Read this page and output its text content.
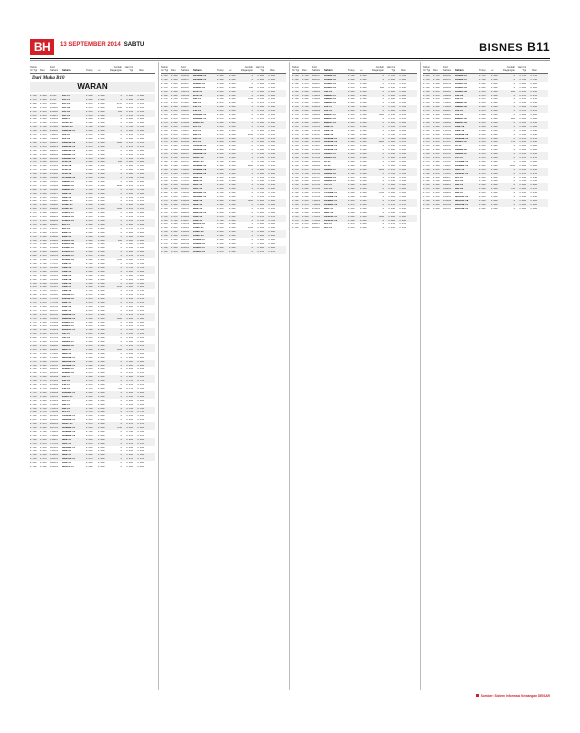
BH	13 SEPTEMBER 2014 SABTU	BISNES B11
Tahun Ini Tgi	Ren
Kod Saham	Saham	Tutup	+/-
Jumlah Dagangan
Hari Ini Tgi	Ren
Dari Muka B10
WARAN
0.160	0.055	0216C	AAX-C1	0.055	0.005	0	0.055	0.050
0.115	0.055	0216L	AAX-C3	0.055	0.000	0	0.050	0.050
0.300	0.015	0208C	AAX-CA	0.020	0.005	6731	0.020	0.015
0.150	0.025	0138CN	AAX-CB	0.025	0.000	2400	0.025	0.020
0.415	0.040	0138CH	AAX-CH	0.040	0.000	600	0.045	0.040
0.020	0.015	0138CJ	AAX-CI	0.015	0.000	0	0.015	0.015
0.200	0.095	5106CG	AEON-C	0.095	0.000	0	0.095	0.095
0.115	0.055	0216C6	AFFIN-C2	0.055	0.000	0	0.055	0.055
0.290	0.100	5210CD	AFFIN-C3	0.100	0.000	0	0.100	0.100
0.290	0.055	0185CR	AIRASIA-C1	0.055	0.000	0	0.055	0.055
0.115	0.010	2488CF	AFG-CF	0.010	0.000	0	0.010	0.010
0.150	0.055	2488CG	AFG-CG	0.055	0.000	0	0.055	0.055
0.150	0.075	5099C2	AIRASIA-C2	0.075	0.005	1800	0.075	0.070
0.110	0.075	5099C3	AIRASIA-C3	0.075	0.000	0	0.075	0.075
0.155	0.085	5099C4	AIRASIA-C4	0.085	0.000	0	0.085	0.085
0.265	0.010	5099CE	AIRPORT-C1	0.010	0.000	0	0.010	0.010
0.255	0.040	5014CE	AIRPORT-C2	0.040	0.000	0	0.040	0.040
0.120	0.090	5014CF	ALAM-CA	0.090	0.005	900	0.090	0.085
0.195	0.050	5115CA	ALAM-CB	0.050	0.000	0	0.050	0.050
0.125	0.055	5115CB	ALAM-CC	0.055	0.000	0	0.055	0.055
0.150	0.050	5115CD	ALAM-CD	0.050	0.000	0	0.050	0.050
0.200	0.030	1015CE	ALLIANZ-CA	0.030	0.000	0	0.030	0.030
0.290	0.050	1015CF	AMBANK-C1	0.050	0.000	0	0.050	0.050
0.425	0.075	1015CG	AMBANK-C2	0.075	0.005	3800	0.075	0.070
0.500	0.200	1015CH	AMBANK-C3	0.200	0.000	0	0.200	0.200
0.150	0.055	1015CJ	AMMB-C2	0.055	0.000	0	0.055	0.055
0.145	0.045	1015CK	AMMB-C3	0.045	0.000	0	0.045	0.045
0.065	0.015	1015CL	AMWAY-C1	0.015	0.000	0	0.015	0.015
0.130	0.050	4588CE	ASTRO-C1	0.050	0.000	0	0.050	0.050
0.335	0.020	6399CE	ASTRO-C2	0.020	0.005	1600	0.020	0.015
0.120	0.050	6399CF	AXIATA-C1	0.050	0.000	0	0.050	0.050
0.070	0.015	6888CA	AXIATA-C2	0.015	0.000	0	0.015	0.015
0.175	0.010	6888CB	AXIATA-C3	0.010	0.000	0	0.010	0.010
0.140	0.050	6888CC	BAT-C1	0.050	0.000	0	0.050	0.050
0.425	0.120	4162CC	BAT-C2	0.120	0.000	0	0.120	0.120
0.270	0.085	4162CD	BIMB-C1	0.085	0.000	0	0.085	0.085
0.235	0.090	5258CE	BIMB-C2	0.090	0.000	0	0.090	0.090
0.195	0.085	5258CF	BJAUTO-CA	0.085	0.005	500	0.085	0.080
0.220	0.095	5248CA	BJAUTO-CB	0.095	0.000	0	0.095	0.095
0.140	0.035	5248CB	BJCORP-C1	0.035	0.000	0	0.035	0.035
0.195	0.095	3395CD	BJTOTO-C1	0.095	0.000	0	0.095	0.095
0.060	0.010	1562CA	BSTEAD-C1	0.010	0.000	0	0.010	0.010
0.135	0.080	2771CB	BSTEAD-C2	0.080	0.005	2200	0.080	0.075
0.255	0.100	2771CC	CIMB-C1	0.100	0.000	0	0.100	0.100
0.245	0.145	1023CD	CIMB-C2	0.145	0.000	0	0.145	0.145
0.175	0.055	1023CE	CIMB-C3	0.055	0.000	0	0.055	0.055
0.150	0.050	1023CF	CIMB-C4	0.050	0.000	0	0.050	0.050
0.335	0.090	1023CG	CIMB-C5	0.090	0.000	0	0.090	0.090
0.165	0.060	1023CH	CIMB-C6	0.060	0.000	0	0.060	0.060
0.375	0.065	1023CI	CIMB-C7	0.065	0.005	3100	0.065	0.060
0.270	0.140	1023CJ	CIMB-C8	0.140	0.000	0	0.140	0.140
0.180	0.070	1023CK	DIALOG-C1	0.070	0.000	0	0.070	0.070
0.470	0.015	7277CA	DIALOG-C2	0.015	0.000	0	0.015	0.015
0.225	0.070	7277CB	DIGI-C1	0.070	0.000	0	0.070	0.070
0.155	0.095	6947CB	DIGI-C2	0.095	0.000	0	0.095	0.095
0.270	0.015	6947CC	DIGI-C3	0.015	0.000	0	0.015	0.015
0.285	0.075	6947CD	DRBHCOM-C1	0.075	0.000	0	0.075	0.075
0.270	0.060	1619CA	DRBHCOM-C2	0.060	0.005	4000	0.060	0.055
0.125	0.050	1619CB	DSONIC-C1	0.050	0.000	0	0.050	0.050
0.135	0.020	5216CA	ECOWLD-C1	0.020	0.000	0	0.020	0.020
0.165	0.100	8206CA	EKOVEST-C1	0.100	0.000	0	0.100	0.100
0.140	0.040	8877CA	FGV-C1	0.040	0.000	0	0.040	0.040
0.095	0.015	5222CA	FGV-C2	0.015	0.000	0	0.015	0.015
0.225	0.055	5222CB	GAMUDA-C1	0.055	0.000	0	0.055	0.055
0.365	0.075	5398CD	GAMUDA-C2	0.075	0.000	0	0.075	0.075
0.320	0.080	5398CE	GENM-C1	0.080	0.005	1000	0.080	0.075
0.140	0.035	4715CE	GENM-C2	0.035	0.000	0	0.035	0.035
0.265	0.060	4715CF	GENTING-C1	0.060	0.000	0	0.060	0.060
0.170	0.055	3182CE	GENTING-C2	0.055	0.000	0	0.055	0.055
0.200	0.090	3182CF	HAPSENG-C1	0.090	0.000	0	0.090	0.090
0.130	0.040	3034CA	HLBANK-C1	0.040	0.000	0	0.040	0.040
0.150	0.075	5819CA	HLBANK-C2	0.075	0.000	0	0.075	0.075
0.140	0.055	5819CB	IHH-C1	0.055	0.000	0	0.055	0.055
0.205	0.120	5225CA	IHH-C2	0.120	0.000	0	0.120	0.120
0.190	0.025	5225CB	IJM-C1	0.025	0.000	0	0.025	0.025
0.230	0.110	3336CA	IJM-C2	0.110	0.005	700	0.110	0.105
0.215	0.060	3336CB	IOICORP-C1	0.060	0.000	0	0.060	0.060
0.135	0.030	1961CA	IOIPG-C1	0.030	0.000	0	0.030	0.030
0.130	0.090	5249CA	KLK-C1	0.090	0.000	0	0.090	0.090
0.190	0.045	2445CA	KNM-C1	0.045	0.000	0	0.045	0.045
0.250	0.100	7164CA	KNM-C2	0.100	0.000	0	0.100	0.100
0.305	0.125	7164CB	KPJ-C1	0.125	0.000	0	0.125	0.125
0.180	0.040	5878CA	LAFMSIA-C1	0.040	0.000	0	0.040	0.040
0.070	0.045	3794CA	MAHSING-C1	0.045	0.000	0	0.045	0.045
0.150	0.070	8583CA	MAXIS-C1	0.070	0.000	0	0.070	0.070
0.290	0.065	6012CA	MAYBANK-C1	0.065	0.005	2100	0.065	0.060
0.185	0.100	1155CA	MAYBANK-C2	0.100	0.000	0	0.100	0.100
0.130	0.070	1155CB	MAYBANK-C3	0.070	0.000	0	0.070	0.070
0.150	0.065	1155CC	MBSB-C1	0.065	0.000	0	0.065	0.065
0.145	0.070	1171CA	MISC-C1	0.070	0.000	0	0.070	0.070
0.160	0.030	3816CA	MMCCORP-C1	0.030	0.000	0	0.030	0.030
0.195	0.040	2194CA	MMHE-C1	0.040	0.000	0	0.040	0.040
0.250	0.090	5186CA	MRCB-C1	0.090	0.000	0	0.090	0.090
0.185	0.075	1651CA	MUDAJYA-C1	0.075	0.000	0	0.075	0.075
0.095	0.065	5085CA	MYEG-C1	0.065	0.000	0	0.065	0.065
0.150	0.065	0138CA	NESTLE-C1	0.065	0.000	0	0.065	0.065
Tahun Ini Tgi	Ren
Kod Saham	Saham	Tutup	+/-
Jumlah Dagangan
Hari Ini Tgi	Ren
0.195	0.090	3034CB	HAPSENG-C2	0.090	0.000	0	0.090	0.090
0.280	0.050	3034CC	HAPSENG-C3	0.050	0.000	0	0.050	0.050
0.150	0.055	5819CC	HLBANK-C3	0.055	0.000	0	0.055	0.055
0.110	0.045	5819CD	HLBANK-C4	0.045	0.005	600	0.045	0.040
0.135	0.060	1082CA	HLFG-C1	0.060	0.000	0	0.060	0.060
0.150	0.080	1082CB	HLFG-C2	0.080	0.000	0	0.080	0.080
0.220	0.100	5225CC	IHH-C3	0.100	0.000	7200	0.100	0.095
0.175	0.070	5225CD	IHH-C4	0.070	0.000	0	0.070	0.070
0.150	0.050	3336CC	IJM-C3	0.050	0.000	0	0.050	0.050
0.150	0.045	3336CD	IJM-C4	0.045	0.000	0	0.045	0.045
0.140	0.060	1961CB	IOICORP-C2	0.060	0.000	0	0.060	0.060
0.160	0.075	1961CC	IOICORP-C3	0.075	0.000	0	0.075	0.075
0.215	0.090	5249CB	IOIPG-C2	0.090	0.000	0	0.090	0.090
0.180	0.045	2445CB	KLK-C2	0.045	0.000	0	0.045	0.045
0.165	0.080	2445CC	KLK-C3	0.080	0.000	0	0.080	0.080
0.110	0.020	7164CC	KNM-C3	0.020	0.005	8100	0.020	0.015
0.195	0.075	7164CD	KNM-C4	0.075	0.000	0	0.075	0.075
0.170	0.095	5878CB	KPJ-C2	0.095	0.000	0	0.095	0.095
0.140	0.060	3794CB	LAFMSIA-C2	0.060	0.000	0	0.060	0.060
0.205	0.055	8583CB	MAHSING-C2	0.055	0.000	0	0.055	0.055
0.240	0.030	8583CC	MAHSING-C3	0.030	0.000	0	0.030	0.030
0.120	0.035	6012CB	MAXIS-C2	0.035	0.000	0	0.035	0.035
0.200	0.100	6012CC	MAXIS-C3	0.100	0.000	0	0.100	0.100
0.150	0.050	1155CD	MAYBANK-C4	0.050	0.005	3000	0.050	0.045
0.205	0.090	1155CE	MAYBANK-C5	0.090	0.000	0	0.090	0.090
0.245	0.065	1155CF	MAYBANK-C6	0.065	0.000	0	0.065	0.065
0.170	0.040	1171CB	MBSB-C2	0.040	0.000	0	0.040	0.040
0.160	0.030	1171CC	MBSB-C3	0.030	0.000	0	0.030	0.030
0.190	0.035	3816CB	MISC-C2	0.035	0.000	0	0.035	0.035
0.165	0.050	3816CC	MISC-C3	0.050	0.000	0	0.050	0.050
0.300	0.100	2194CB	MMCCORP-C2	0.100	0.000	0	0.100	0.100
0.140	0.040	2194CC	MMCCORP-C3	0.040	0.000	0	0.040	0.040
0.175	0.055	5186CB	MMHE-C2	0.055	0.005	1500	0.055	0.050
0.195	0.080	1651CB	MRCB-C2	0.080	0.000	0	0.080	0.080
0.155	0.045	1651CC	MRCB-C3	0.045	0.000	0	0.045	0.045
0.210	0.065	5085CB	MUDAJYA-C2	0.065	0.000	0	0.065	0.065
0.135	0.070	0138CB	MYEG-C2	0.070	0.000	0	0.070	0.070
0.180	0.100	0138CC	MYEG-C3	0.100	0.000	0	0.100	0.100
0.310	0.095	4707CA	NESTLE-C2	0.095	0.000	0	0.095	0.095
0.180	0.040	5183CA	PCHEM-C1	0.040	0.005	4200	0.040	0.035
0.260	0.080	5183CB	PCHEM-C2	0.080	0.000	0	0.080	0.080
0.205	0.055	5183CC	PCHEM-C3	0.055	0.000	0	0.055	0.055
0.170	0.085	5681CA	PETDAG-C1	0.085	0.000	0	0.085	0.085
0.225	0.060	5681CB	PETDAG-C2	0.060	0.000	0	0.060	0.060
0.150	0.050	6033CA	PETGAS-C1	0.050	0.000	0	0.050	0.050
0.280	0.070	6033CB	PETGAS-C2	0.070	0.000	0	0.070	0.070
Tahun Ini Tgi	Ren
Kod Saham	Saham	Tutup	+/-
Jumlah Dagangan
Hari Ini Tgi	Ren
0.250	0.100	5681CC	PETDAG-C3	0.100	0.000	0	0.100	0.100
0.180	0.050	5681CD	PETDAG-C4	0.050	0.000	0	0.050	0.050
0.205	0.070	6033CC	PETGAS-C3	0.070	0.000	0	0.070	0.070
0.170	0.040	6033CD	PETGAS-C4	0.040	0.005	900	0.040	0.035
0.155	0.055	7095CA	PIE-CA	0.055	0.000	0	0.055	0.055
0.220	0.095	1295CA	PBBANK-C1	0.095	0.000	0	0.095	0.095
0.180	0.050	1295CB	PBBANK-C2	0.050	0.000	0	0.050	0.050
0.125	0.035	1295CC	PBBANK-C3	0.035	0.000	0	0.035	0.035
0.240	0.100	4065CA	PPB-C1	0.100	0.000	0	0.100	0.100
0.155	0.060	4065CB	PPB-C2	0.060	0.000	0	0.060	0.060
0.175	0.045	1066CA	RHBCAP-C1	0.045	0.005	2500	0.045	0.040
0.200	0.075	1066CB	RHBCAP-C2	0.075	0.000	0	0.075	0.075
0.230	0.090	1066CC	RHBCAP-C3	0.090	0.000	0	0.090	0.090
0.145	0.040	4197CA	SIME-C1	0.040	0.000	0	0.040	0.040
0.195	0.065	4197CB	SIME-C2	0.065	0.000	0	0.065	0.065
0.270	0.100	4197CC	SIME-C3	0.100	0.000	0	0.100	0.100
0.165	0.055	5218CA	SKPETRO-C1	0.055	0.000	0	0.055	0.055
0.215	0.080	5218CB	SKPETRO-C2	0.080	0.005	6000	0.080	0.075
0.185	0.045	5218CC	SKPETRO-C3	0.045	0.000	0	0.045	0.045
0.250	0.095	5218CD	SKPETRO-C4	0.095	0.000	0	0.095	0.095
0.140	0.035	5211CA	SUNWAY-C1	0.035	0.000	0	0.035	0.035
0.190	0.060	5211CB	SUNWAY-C2	0.060	0.000	0	0.060	0.060
0.225	0.085	4863CA	TM-C1	0.085	0.000	0	0.085	0.085
0.160	0.050	4863CB	TM-C2	0.050	0.000	0	0.050	0.050
0.210	0.070	5347CA	TENAGA-C1	0.070	0.005	3300	0.070	0.065
0.245	0.100	5347CB	TENAGA-C2	0.100	0.000	0	0.100	0.100
0.180	0.045	5347CC	TENAGA-C3	0.045	0.000	0	0.045	0.045
0.155	0.030	5347CD	TENAGA-C4	0.030	0.000	0	0.030	0.030
0.230	0.080	4677CA	YTL-C1	0.080	0.000	0	0.080	0.080
0.175	0.055	4677CB	YTL-C2	0.055	0.000	0	0.055	0.055
0.200	0.065	6742CA	YTLPOWR-C1	0.065	0.005	1200	0.065	0.060
0.260	0.090	6742CB	YTLPOWR-C2	0.090	0.000	0	0.090	0.090
0.150	0.040	7106CA	SUPERMX-C1	0.040	0.000	0	0.040	0.040
0.205	0.075	7106CB	SUPERMX-C2	0.075	0.000	0	0.075	0.075
0.135	0.035	5148CA	UEMS-C1	0.035	0.000	0	0.035	0.035
0.185	0.060	5148CB	UEMS-C2	0.060	0.000	0	0.060	0.060
0.240	0.095	7113CA	TOPGLOV-C1	0.095	0.005	2800	0.095	0.090
0.170	0.050	7113CB	TOPGLOV-C2	0.050	0.000	0	0.050	0.050
0.215	0.070	5099CJ	WCT-C1	0.070	0.000	0	0.070	0.070
0.160	0.045	5099CK	WCT-C2	0.045	0.000	0	0.045	0.045
Tahun Ini Tgi	Ren
Kod Saham	Saham	Tutup	+/-
Jumlah Dagangan
Hari Ini Tgi	Ren
0.330	0.115	5681CE	PETDAG-CX	0.115	0.005	0	0.115	0.110
0.230	0.100	5681CF	PETDAG-CY	0.100	0.000	0	0.100	0.100
0.215	0.080	5681CG	PETGAS-CZ	0.080	0.000	0	0.080	0.080
0.180	0.060	6033CE	PETGAS-CA	0.060	0.000	0	0.060	0.060
0.150	0.040	6033CF	PETGAS-CB	0.040	0.005	880	0.040	0.035
0.140	0.020	7095CB	PIE-CB	0.020	0.000	0	0.020	0.020
0.105	0.010	7095CC	PIE-CC	0.010	0.000	0	0.010	0.010
0.130	0.035	1295CD	PBBANK-CD	0.035	0.000	0	0.035	0.035
0.250	0.090	1295CE	PBBANK-CE	0.090	0.000	0	0.090	0.090
0.270	0.075	4065CC	PPB-CC	0.075	0.000	0	0.075	0.075
0.180	0.055	4065CD	PPB-CD	0.055	0.000	0	0.055	0.055
0.200	0.060	1066CD	RHBCAP-CD	0.060	0.005	580	0.060	0.055
0.160	0.045	1066CE	RHBCAP-CE	0.045	0.000	0	0.045	0.045
0.220	0.085	4197CD	SIME-CD	0.085	0.000	0	0.085	0.085
0.185	0.055	4197CE	SIME-CE	0.055	0.000	0	0.055	0.055
0.140	0.030	5218CE	SKPETRO-CE	0.030	0.000	0	0.030	0.030
0.205	0.070	5218CF	SKPETRO-CF	0.070	0.000	0	0.070	0.070
0.170	0.040	5211CC	SUNWAY-CC	0.040	0.005	125	0.040	0.035
0.240	0.095	4863CC	TM-CC	0.095	0.000	0	0.095	0.095
0.190	0.065	5347CE	TENAGA-CE	0.065	0.000	0	0.065	0.065
0.155	0.040	5347CF	TENAGA-CF	0.040	0.000	0	0.040	0.040
0.210	0.075	4677CC	YTL-CC	0.075	0.000	0	0.075	0.075
0.175	0.050	6742CC	YTLPOWR-CC	0.050	0.000	0	0.050	0.050
0.230	0.085	7106CC	SUPERMX-CC	0.085	0.005	1900	0.085	0.080
0.165	0.045	5148CC	UEMS-CC	0.045	0.000	0	0.045	0.045
0.200	0.070	7113CC	TOPGLOV-CC	0.070	0.000	0	0.070	0.070
0.150	0.035	5099CL	WCT-CC	0.035	0.000	0	0.035	0.035
0.260	0.100	5099CM	WCT-CD	0.100	0.000	0	0.100	0.100
0.185	0.055	4588CF	UMW-CA	0.055	0.000	0	0.055	0.055
0.220	0.080	4588CG	UMW-CB	0.080	0.005	245	0.080	0.075
0.170	0.045	4588CH	UMW-CC	0.045	0.000	0	0.045	0.045
0.145	0.030	5246CA	WESTPRT-CA	0.030	0.000	0	0.030	0.030
0.200	0.065	5246CB	WESTPRT-CB	0.065	0.000	0	0.065	0.065
0.235	0.090	6947CE	ZHULIAN-C1	0.090	0.000	0	0.090	0.090
0.180	0.050	6947CF	ZHULIAN-C2	0.050	0.000	0	0.050	0.050
Sumber: Sistem Informasi Kewangan DEISAR
